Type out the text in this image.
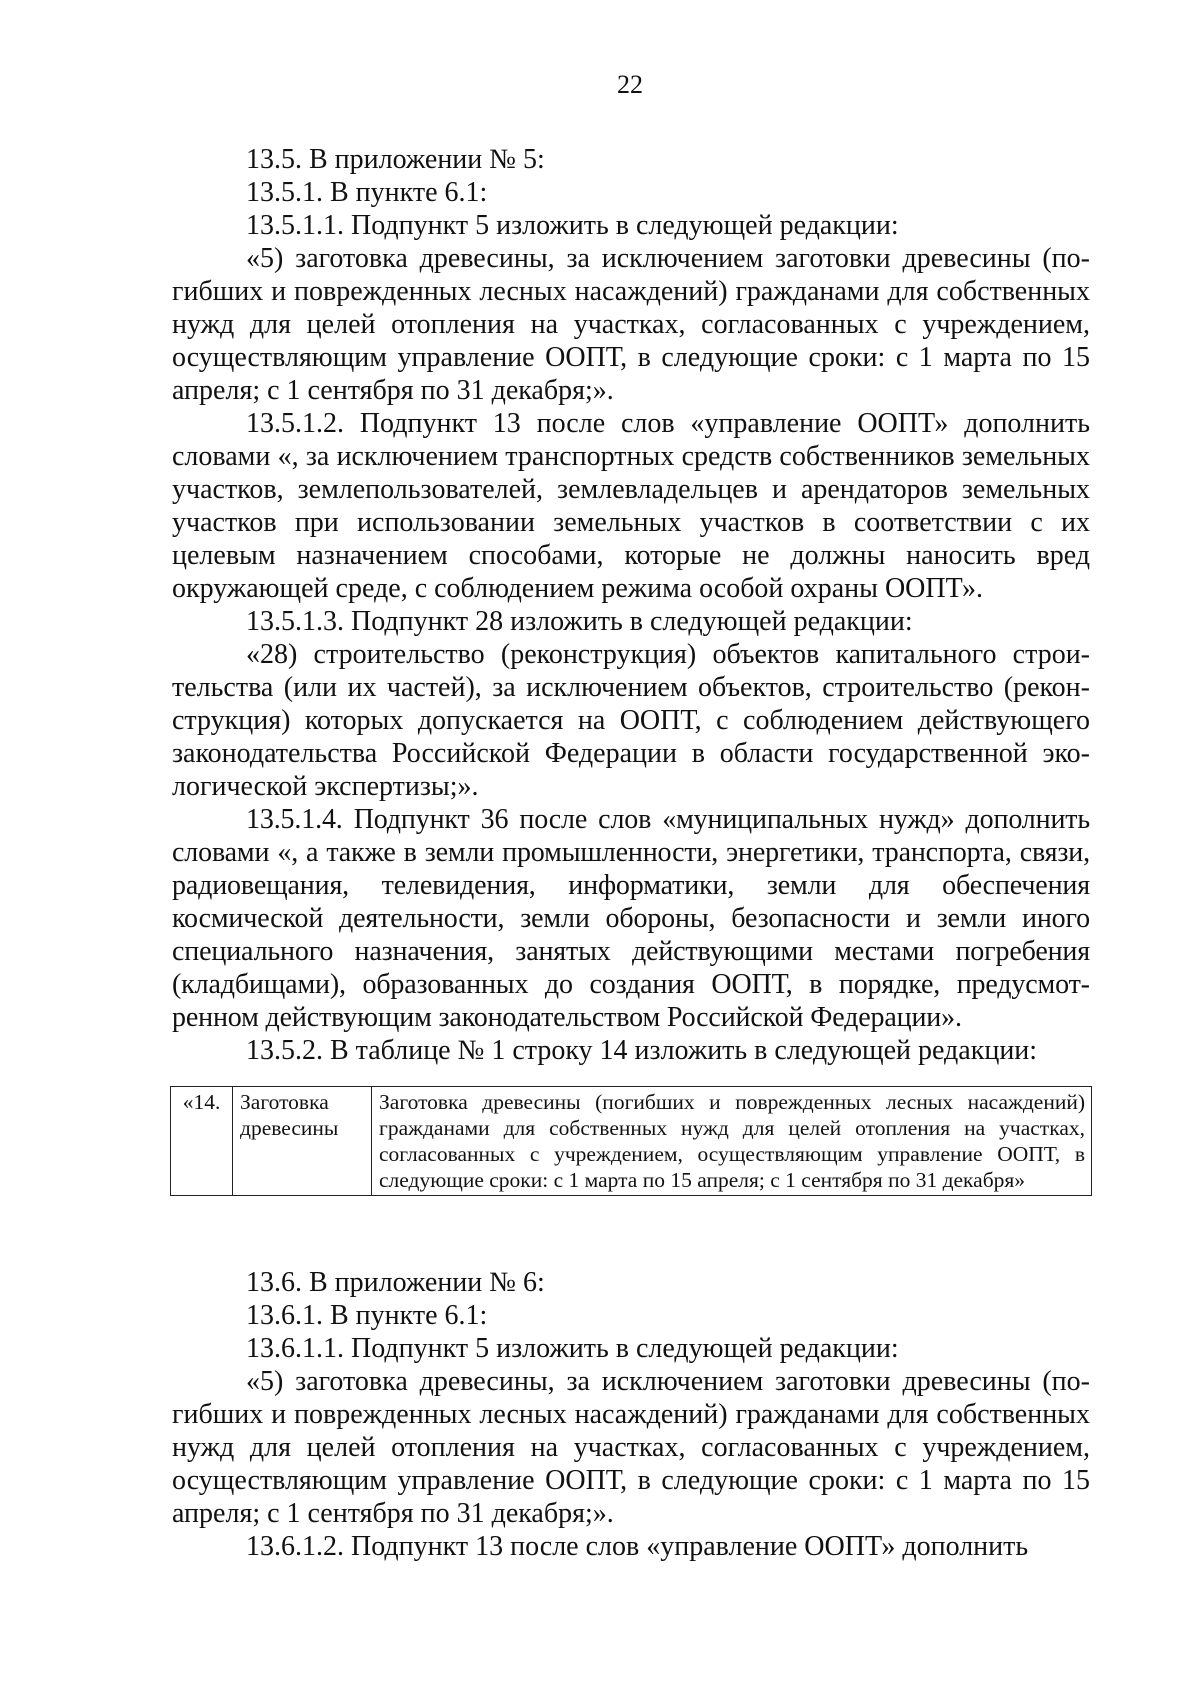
22

13.5. В приложении № 5:

13.5.1. В пункте 6.1:

13.5.1.1. Подпункт 5 изложить в следующей редакции:

«5) заготовка древесины, за исключением заготовки древесины (погибших и поврежденных лесных насаждений) гражданами для собственных нужд для целей отопления на участках, согласованных с учреждением, осуществляющим управление ООПТ, в следующие сроки: с 1 марта по 15 апреля; с 1 сентября по 31 декабря;».

13.5.1.2. Подпункт 13 после слов «управление ООПТ» дополнить словами «, за исключением транспортных средств собственников земельных участков, землепользователей, землевладельцев и арендаторов земельных участков при использовании земельных участков в соответствии с их целевым назначением способами, которые не должны наносить вред окружающей среде, с соблюдением режима особой охраны ООПТ».

13.5.1.3. Подпункт 28 изложить в следующей редакции:

«28) строительство (реконструкция) объектов капитального строительства (или их частей), за исключением объектов, строительство (реконструкция) которых допускается на ООПТ, с соблюдением действующего законодательства Российской Федерации в области государственной экологической экспертизы;».

13.5.1.4. Подпункт 36 после слов «муниципальных нужд» дополнить словами «, а также в земли промышленности, энергетики, транспорта, связи, радиовещания, телевидения, информатики, земли для обеспечения космической деятельности, земли обороны, безопасности и земли иного специального назначения, занятых действующими местами погребения (кладбищами), образованных до создания ООПТ, в порядке, предусмотренном действующим законодательством Российской Федерации».

13.5.2. В таблице № 1 строку 14 изложить в следующей редакции:

«14.	Заготовка древесины	Заготовка древесины (погибших и поврежденных лесных насаждений) гражданами для собственных нужд для целей отопления на участках, согласованных с учреждением, осуществляющим управление ООПТ, в следующие сроки: с 1 марта по 15 апреля; с 1 сентября по 31 декабря»

13.6. В приложении № 6:

13.6.1. В пункте 6.1:

13.6.1.1. Подпункт 5 изложить в следующей редакции:

«5) заготовка древесины, за исключением заготовки древесины (погибших и поврежденных лесных насаждений) гражданами для собственных нужд для целей отопления на участках, согласованных с учреждением, осуществляющим управление ООПТ, в следующие сроки: с 1 марта по 15 апреля; с 1 сентября по 31 декабря;».

13.6.1.2. Подпункт 13 после слов «управление ООПТ» дополнить
